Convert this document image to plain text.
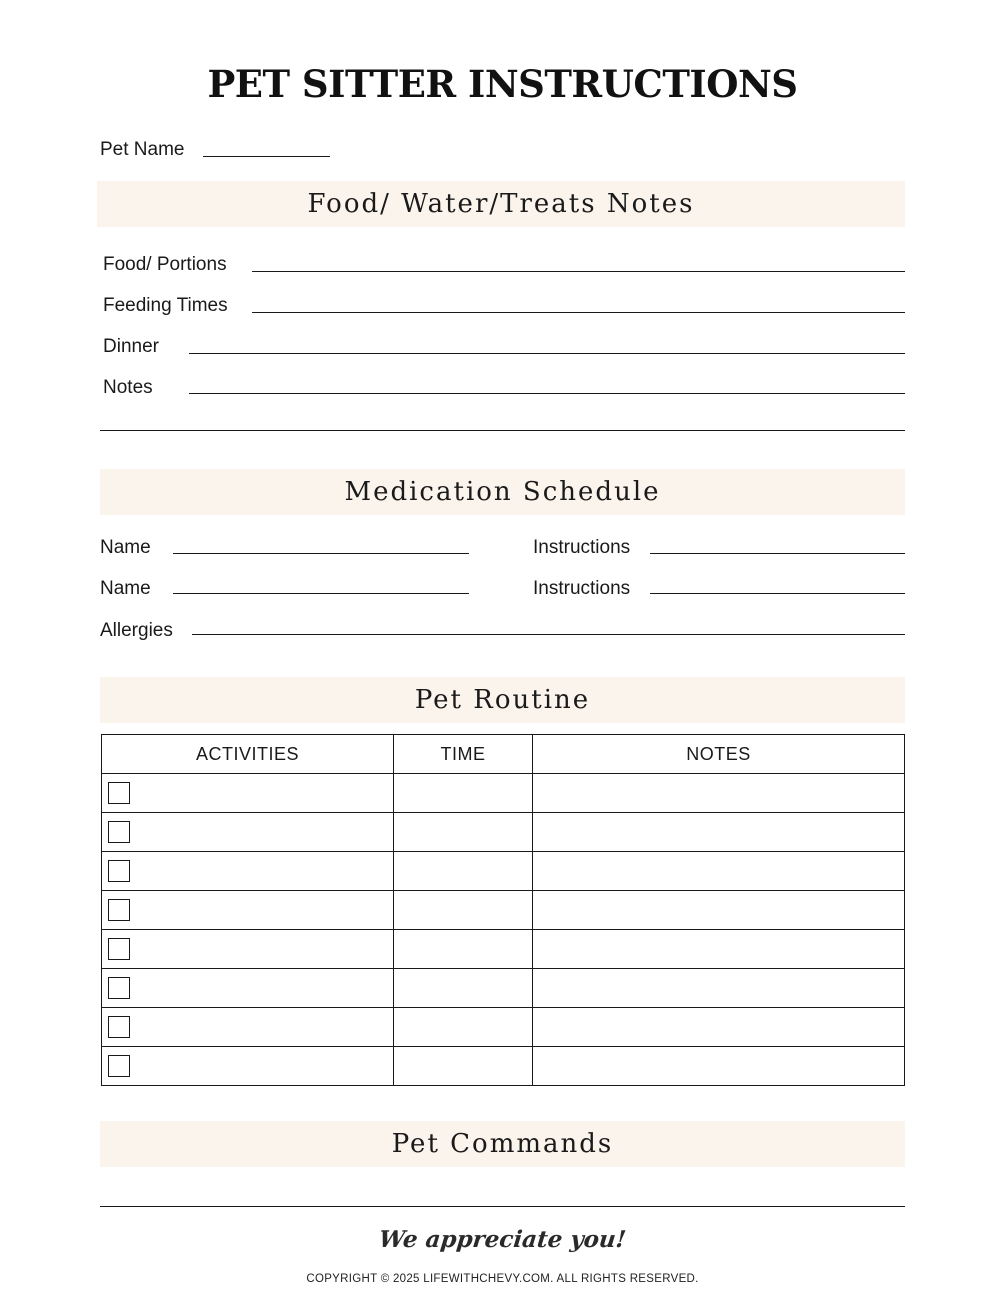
PET SITTER INSTRUCTIONS
Pet Name
Food/ Water/Treats Notes
Food/ Portions
Feeding Times
Dinner
Notes
Medication Schedule
Name	Instructions
Name	Instructions
Allergies
Pet Routine
ACTIVITIES	TIME	NOTES

Pet Commands
We appreciate you!
COPYRIGHT © 2025 LIFEWITHCHEVY.COM. ALL RIGHTS RESERVED.
